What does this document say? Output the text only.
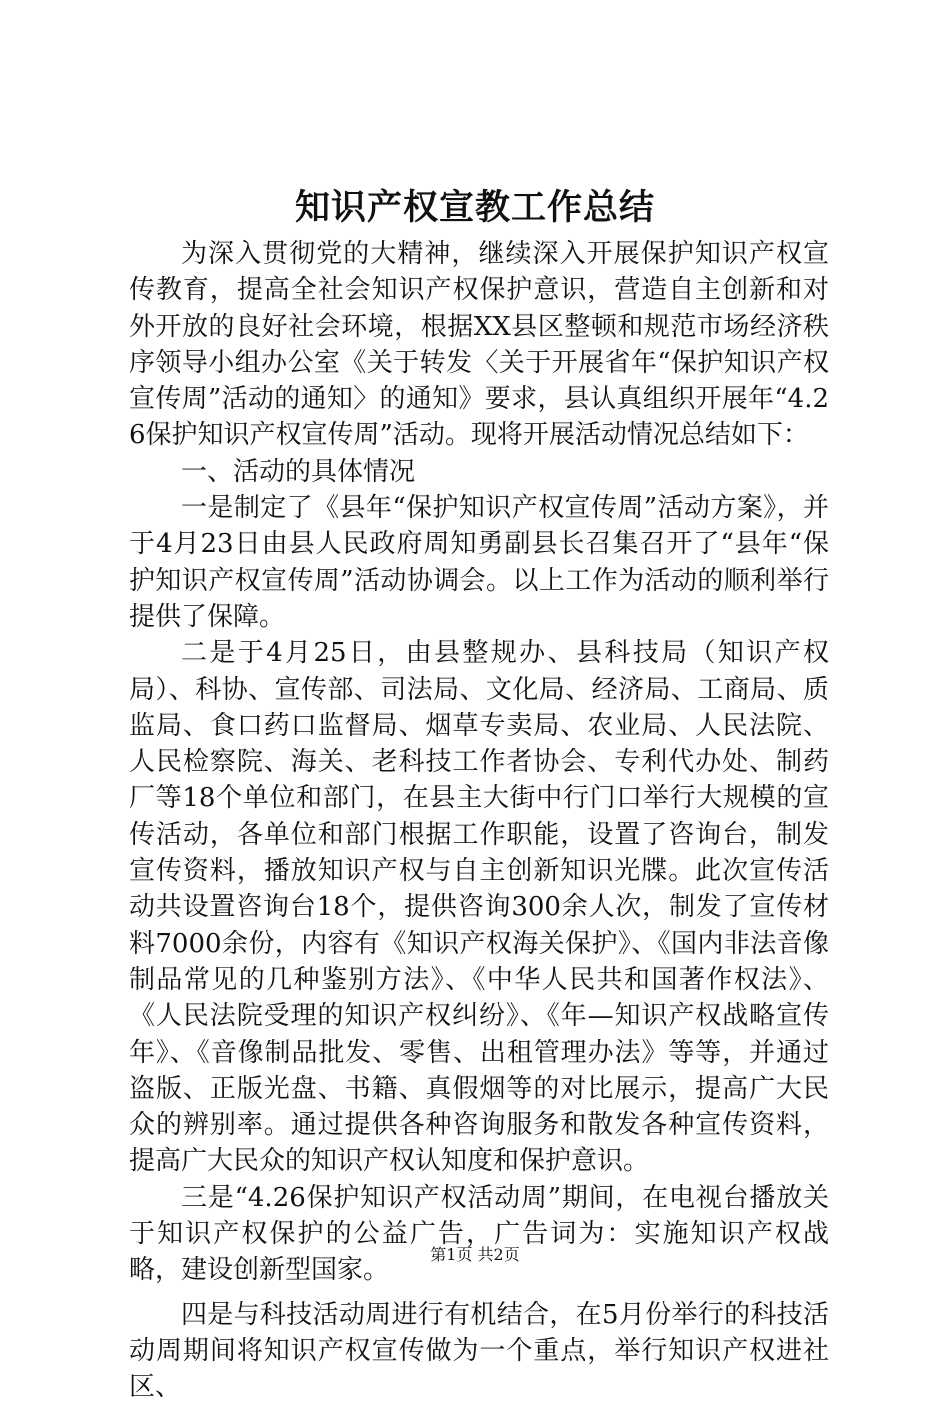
知识产权宣教工作总结

为深入贯彻党的大精神，继续深入开展保护知识产权宣传教育，提高全社会知识产权保护意识，营造自主创新和对外开放的良好社会环境，根据XX县区整顿和规范市场经济秩序领导小组办公室《关于转发〈关于开展省年“保护知识产权宣传周”活动的通知〉的通知》要求，县认真组织开展年“4.26保护知识产权宣传周”活动。现将开展活动情况总结如下：

一、活动的具体情况

一是制定了《县年“保护知识产权宣传周”活动方案》，并于4月23日由县人民政府周知勇副县长召集召开了“县年“保护知识产权宣传周”活动协调会。以上工作为活动的顺利举行提供了保障。

二是于4月25日，由县整规办、县科技局（知识产权局）、科协、宣传部、司法局、文化局、经济局、工商局、质监局、食口药口监督局、烟草专卖局、农业局、人民法院、人民检察院、海关、老科技工作者协会、专利代办处、制药厂等18个单位和部门，在县主大街中行门口举行大规模的宣传活动，各单位和部门根据工作职能，设置了咨询台，制发宣传资料，播放知识产权与自主创新知识光牒。此次宣传活动共设置咨询台18个，提供咨询300余人次，制发了宣传材料7000余份，内容有《知识产权海关保护》、《国内非法音像制品常见的几种鉴别方法》、《中华人民共和国著作权法》、《人民法院受理的知识产权纠纷》、《年—知识产权战略宣传年》、《音像制品批发、零售、出租管理办法》等等，并通过盗版、正版光盘、书籍、真假烟等的对比展示，提高广大民众的辨别率。通过提供各种咨询服务和散发各种宣传资料，提高广大民众的知识产权认知度和保护意识。

三是“4.26保护知识产权活动周”期间，在电视台播放关于知识产权保护的公益广告，广告词为：实施知识产权战略，建设创新型国家。

四是与科技活动周进行有机结合，在5月份举行的科技活动周期间将知识产权宣传做为一个重点，举行知识产权进社区、

第1页 共2页
